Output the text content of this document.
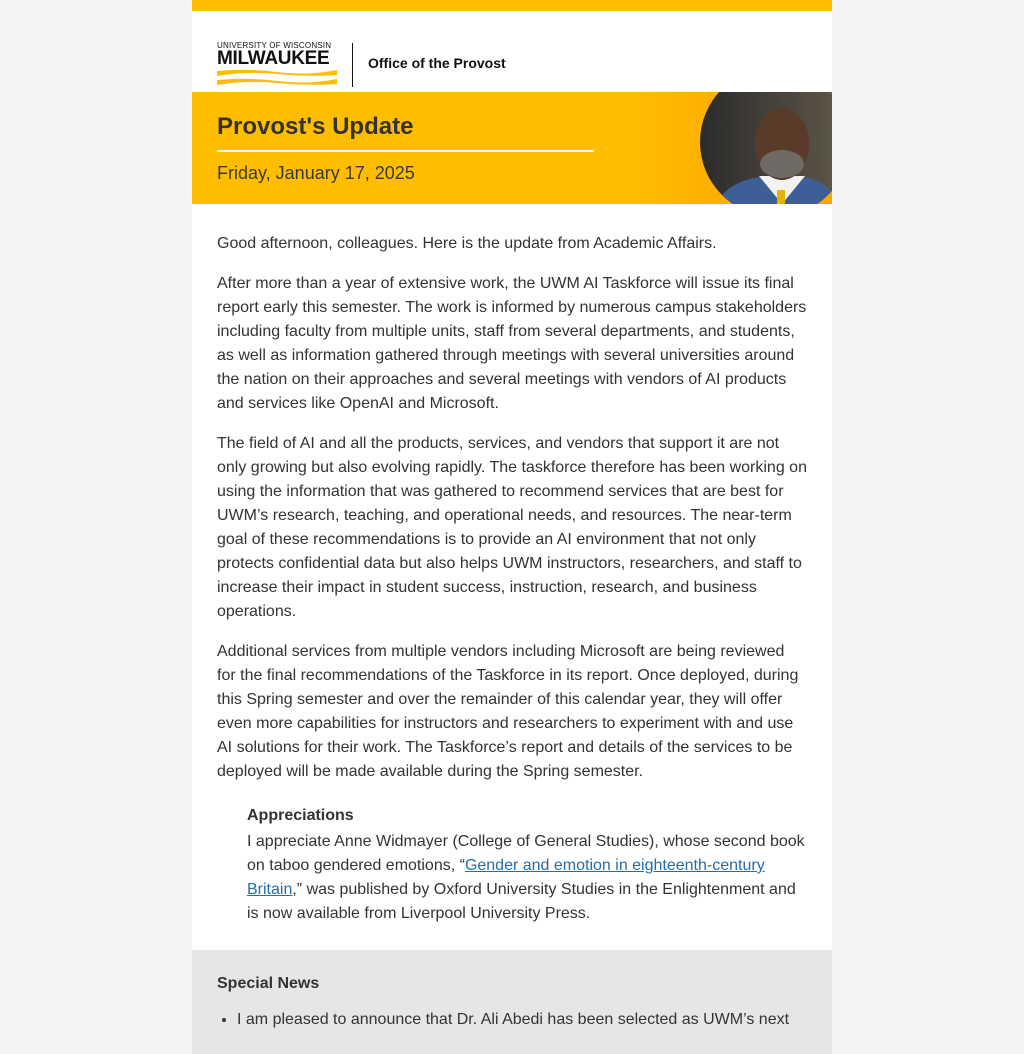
UNIVERSITY OF WISCONSIN
MILWAUKEE	Office of the Provost
Provost's Update
Friday, January 17, 2025

Good afternoon, colleagues. Here is the update from Academic Affairs.

After more than a year of extensive work, the UWM AI Taskforce will issue its final report early this semester. The work is informed by numerous campus stakeholders including faculty from multiple units, staff from several departments, and students, as well as information gathered through meetings with several universities around the nation on their approaches and several meetings with vendors of AI products and services like OpenAI and Microsoft.

The field of AI and all the products, services, and vendors that support it are not only growing but also evolving rapidly. The taskforce therefore has been working on using the information that was gathered to recommend services that are best for UWM’s research, teaching, and operational needs, and resources. The near-term goal of these recommendations is to provide an AI environment that not only protects confidential data but also helps UWM instructors, researchers, and staff to increase their impact in student success, instruction, research, and business operations.

Additional services from multiple vendors including Microsoft are being reviewed for the final recommendations of the Taskforce in its report. Once deployed, during this Spring semester and over the remainder of this calendar year, they will offer even more capabilities for instructors and researchers to experiment with and use AI solutions for their work. The Taskforce’s report and details of the services to be deployed will be made available during the Spring semester.

Appreciations

I appreciate Anne Widmayer (College of General Studies), whose second book on taboo gendered emotions, “Gender and emotion in eighteenth-century Britain,” was published by Oxford University Studies in the Enlightenment and is now available from Liverpool University Press.

Special News
• I am pleased to announce that Dr. Ali Abedi has been selected as UWM’s next
